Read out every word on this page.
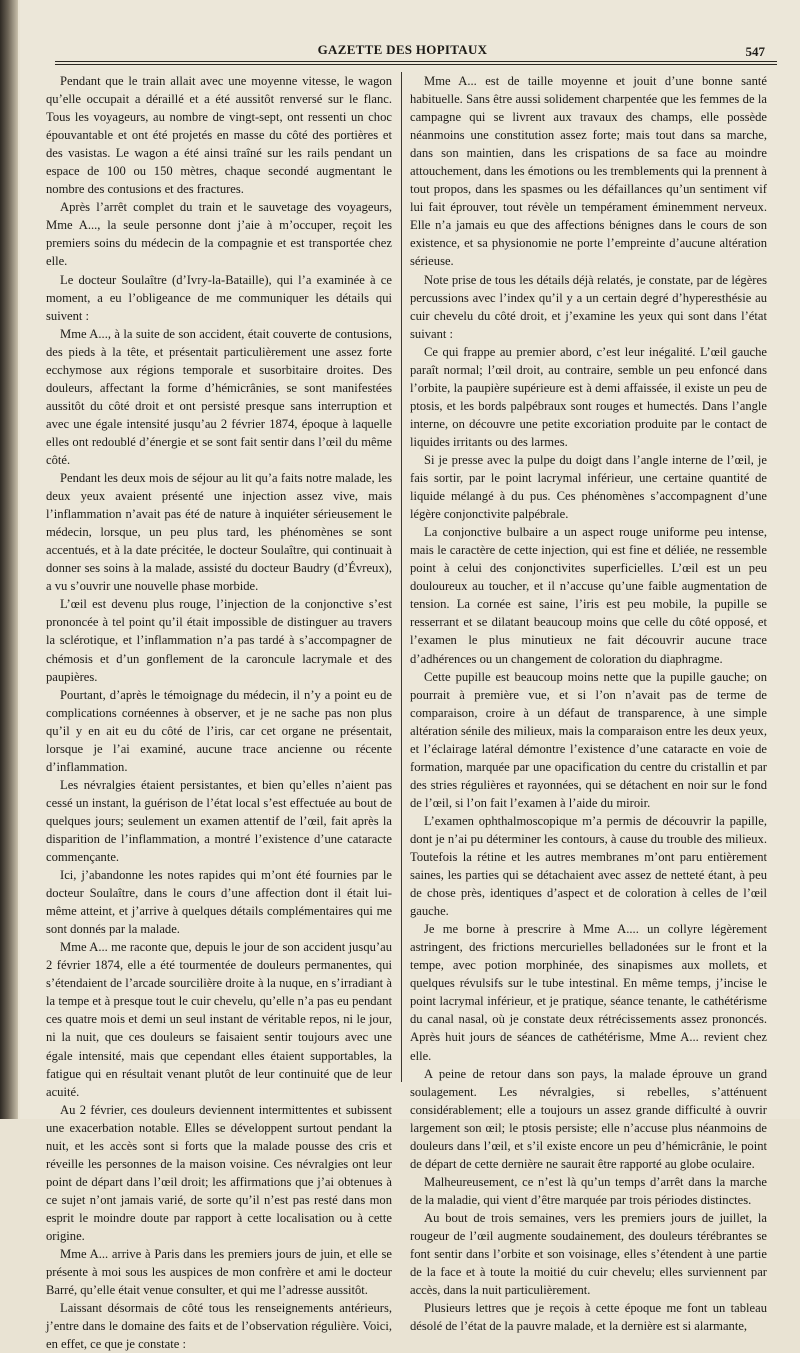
GAZETTE DES HOPITAUX	547

Pendant que le train allait avec une moyenne vitesse, le wagon qu’elle occupait a déraillé et a été aussitôt renversé sur le flanc. Tous les voyageurs, au nombre de vingt-sept, ont ressenti un choc épouvantable et ont été projetés en masse du côté des portières et des vasistas. Le wagon a été ainsi traîné sur les rails pendant un espace de 100 ou 150 mètres, chaque secondé augmentant le nombre des contusions et des fractures.

Après l’arrêt complet du train et le sauvetage des voyageurs, Mme A..., la seule personne dont j’aie à m’occuper, reçoit les premiers soins du médecin de la compagnie et est transportée chez elle.

Le docteur Soulaître (d’Ivry-la-Bataille), qui l’a examinée à ce moment, a eu l’obligeance de me communiquer les détails qui suivent :

Mme A..., à la suite de son accident, était couverte de contusions, des pieds à la tête, et présentait particulièrement une assez forte ecchymose aux régions temporale et susorbitaire droites. Des douleurs, affectant la forme d’hémicrânies, se sont manifestées aussitôt du côté droit et ont persisté presque sans interruption et avec une égale intensité jusqu’au 2 février 1874, époque à laquelle elles ont redoublé d’énergie et se sont fait sentir dans l’œil du même côté.

Pendant les deux mois de séjour au lit qu’a faits notre malade, les deux yeux avaient présenté une injection assez vive, mais l’inflammation n’avait pas été de nature à inquiéter sérieusement le médecin, lorsque, un peu plus tard, les phénomènes se sont accentués, et à la date précitée, le docteur Soulaître, qui continuait à donner ses soins à la malade, assisté du docteur Baudry (d’Évreux), a vu s’ouvrir une nouvelle phase morbide.

L’œil est devenu plus rouge, l’injection de la conjonctive s’est prononcée à tel point qu’il était impossible de distinguer au travers la sclérotique, et l’inflammation n’a pas tardé à s’accompagner de chémosis et d’un gonflement de la caroncule lacrymale et des paupières.

Pourtant, d’après le témoignage du médecin, il n’y a point eu de complications cornéennes à observer, et je ne sache pas non plus qu’il y en ait eu du côté de l’iris, car cet organe ne présentait, lorsque je l’ai examiné, aucune trace ancienne ou récente d’inflammation.

Les névralgies étaient persistantes, et bien qu’elles n’aient pas cessé un instant, la guérison de l’état local s’est effectuée au bout de quelques jours; seulement un examen attentif de l’œil, fait après la disparition de l’inflammation, a montré l’existence d’une cataracte commençante.

Ici, j’abandonne les notes rapides qui m’ont été fournies par le docteur Soulaître, dans le cours d’une affection dont il était lui-même atteint, et j’arrive à quelques détails complémentaires qui me sont donnés par la malade.

Mme A... me raconte que, depuis le jour de son accident jusqu’au 2 février 1874, elle a été tourmentée de douleurs permanentes, qui s’étendaient de l’arcade sourcilière droite à la nuque, en s’irradiant à la tempe et à presque tout le cuir chevelu, qu’elle n’a pas eu pendant ces quatre mois et demi un seul instant de véritable repos, ni le jour, ni la nuit, que ces douleurs se faisaient sentir toujours avec une égale intensité, mais que cependant elles étaient supportables, la fatigue qui en résultait venant plutôt de leur continuité que de leur acuité.

Au 2 février, ces douleurs deviennent intermittentes et subissent une exacerbation notable. Elles se développent surtout pendant la nuit, et les accès sont si forts que la malade pousse des cris et réveille les personnes de la maison voisine. Ces névralgies ont leur point de départ dans l’œil droit; les affirmations que j’ai obtenues à ce sujet n’ont jamais varié, de sorte qu’il n’est pas resté dans mon esprit le moindre doute par rapport à cette localisation ou à cette origine.

Mme A... arrive à Paris dans les premiers jours de juin, et elle se présente à moi sous les auspices de mon confrère et ami le docteur Barré, qu’elle était venue consulter, et qui me l’adresse aussitôt.

Laissant désormais de côté tous les renseignements antérieurs, j’entre dans le domaine des faits et de l’observation régulière. Voici, en effet, ce que je constate :

Mme A... est de taille moyenne et jouit d’une bonne santé habituelle. Sans être aussi solidement charpentée que les femmes de la campagne qui se livrent aux travaux des champs, elle possède néanmoins une constitution assez forte; mais tout dans sa marche, dans son maintien, dans les crispations de sa face au moindre attouchement, dans les émotions ou les tremblements qui la prennent à tout propos, dans les spasmes ou les défaillances qu’un sentiment vif lui fait éprouver, tout révèle un tempérament éminemment nerveux. Elle n’a jamais eu que des affections bénignes dans le cours de son existence, et sa physionomie ne porte l’empreinte d’aucune altération sérieuse.

Note prise de tous les détails déjà relatés, je constate, par de légères percussions avec l’index qu’il y a un certain degré d’hyperesthésie au cuir chevelu du côté droit, et j’examine les yeux qui sont dans l’état suivant :

Ce qui frappe au premier abord, c’est leur inégalité. L’œil gauche paraît normal; l’œil droit, au contraire, semble un peu enfoncé dans l’orbite, la paupière supérieure est à demi affaissée, il existe un peu de ptosis, et les bords palpébraux sont rouges et humectés. Dans l’angle interne, on découvre une petite excoriation produite par le contact de liquides irritants ou des larmes.

Si je presse avec la pulpe du doigt dans l’angle interne de l’œil, je fais sortir, par le point lacrymal inférieur, une certaine quantité de liquide mélangé à du pus. Ces phénomènes s’accompagnent d’une légère conjonctivite palpébrale.

La conjonctive bulbaire a un aspect rouge uniforme peu intense, mais le caractère de cette injection, qui est fine et déliée, ne ressemble point à celui des conjonctivites superficielles. L’œil est un peu douloureux au toucher, et il n’accuse qu’une faible augmentation de tension. La cornée est saine, l’iris est peu mobile, la pupille se resserrant et se dilatant beaucoup moins que celle du côté opposé, et l’examen le plus minutieux ne fait découvrir aucune trace d’adhérences ou un changement de coloration du diaphragme.

Cette pupille est beaucoup moins nette que la pupille gauche; on pourrait à première vue, et si l’on n’avait pas de terme de comparaison, croire à un défaut de transparence, à une simple altération sénile des milieux, mais la comparaison entre les deux yeux, et l’éclairage latéral démontre l’existence d’une cataracte en voie de formation, marquée par une opacification du centre du cristallin et par des stries régulières et rayonnées, qui se détachent en noir sur le fond de l’œil, si l’on fait l’examen à l’aide du miroir.

L’examen ophthalmoscopique m’a permis de découvrir la papille, dont je n’ai pu déterminer les contours, à cause du trouble des milieux. Toutefois la rétine et les autres membranes m’ont paru entièrement saines, les parties qui se détachaient avec assez de netteté étant, à peu de chose près, identiques d’aspect et de coloration à celles de l’œil gauche.

Je me borne à prescrire à Mme A.... un collyre légèrement astringent, des frictions mercurielles belladonées sur le front et la tempe, avec potion morphinée, des sinapismes aux mollets, et quelques révulsifs sur le tube intestinal. En même temps, j’incise le point lacrymal inférieur, et je pratique, séance tenante, le cathétérisme du canal nasal, où je constate deux rétrécissements assez prononcés. Après huit jours de séances de cathétérisme, Mme A... revient chez elle.

A peine de retour dans son pays, la malade éprouve un grand soulagement. Les névralgies, si rebelles, s’atténuent considérablement; elle a toujours un assez grande difficulté à ouvrir largement son œil; le ptosis persiste; elle n’accuse plus néanmoins de douleurs dans l’œil, et s’il existe encore un peu d’hémicrânie, le point de départ de cette dernière ne saurait être rapporté au globe oculaire.

Malheureusement, ce n’est là qu’un temps d’arrêt dans la marche de la maladie, qui vient d’être marquée par trois périodes distinctes.

Au bout de trois semaines, vers les premiers jours de juillet, la rougeur de l’œil augmente soudainement, des douleurs térébrantes se font sentir dans l’orbite et son voisinage, elles s’étendent à une partie de la face et à toute la moitié du cuir chevelu; elles surviennent par accès, dans la nuit particulièrement.

Plusieurs lettres que je reçois à cette époque me font un tableau désolé de l’état de la pauvre malade, et la dernière est si alarmante,
